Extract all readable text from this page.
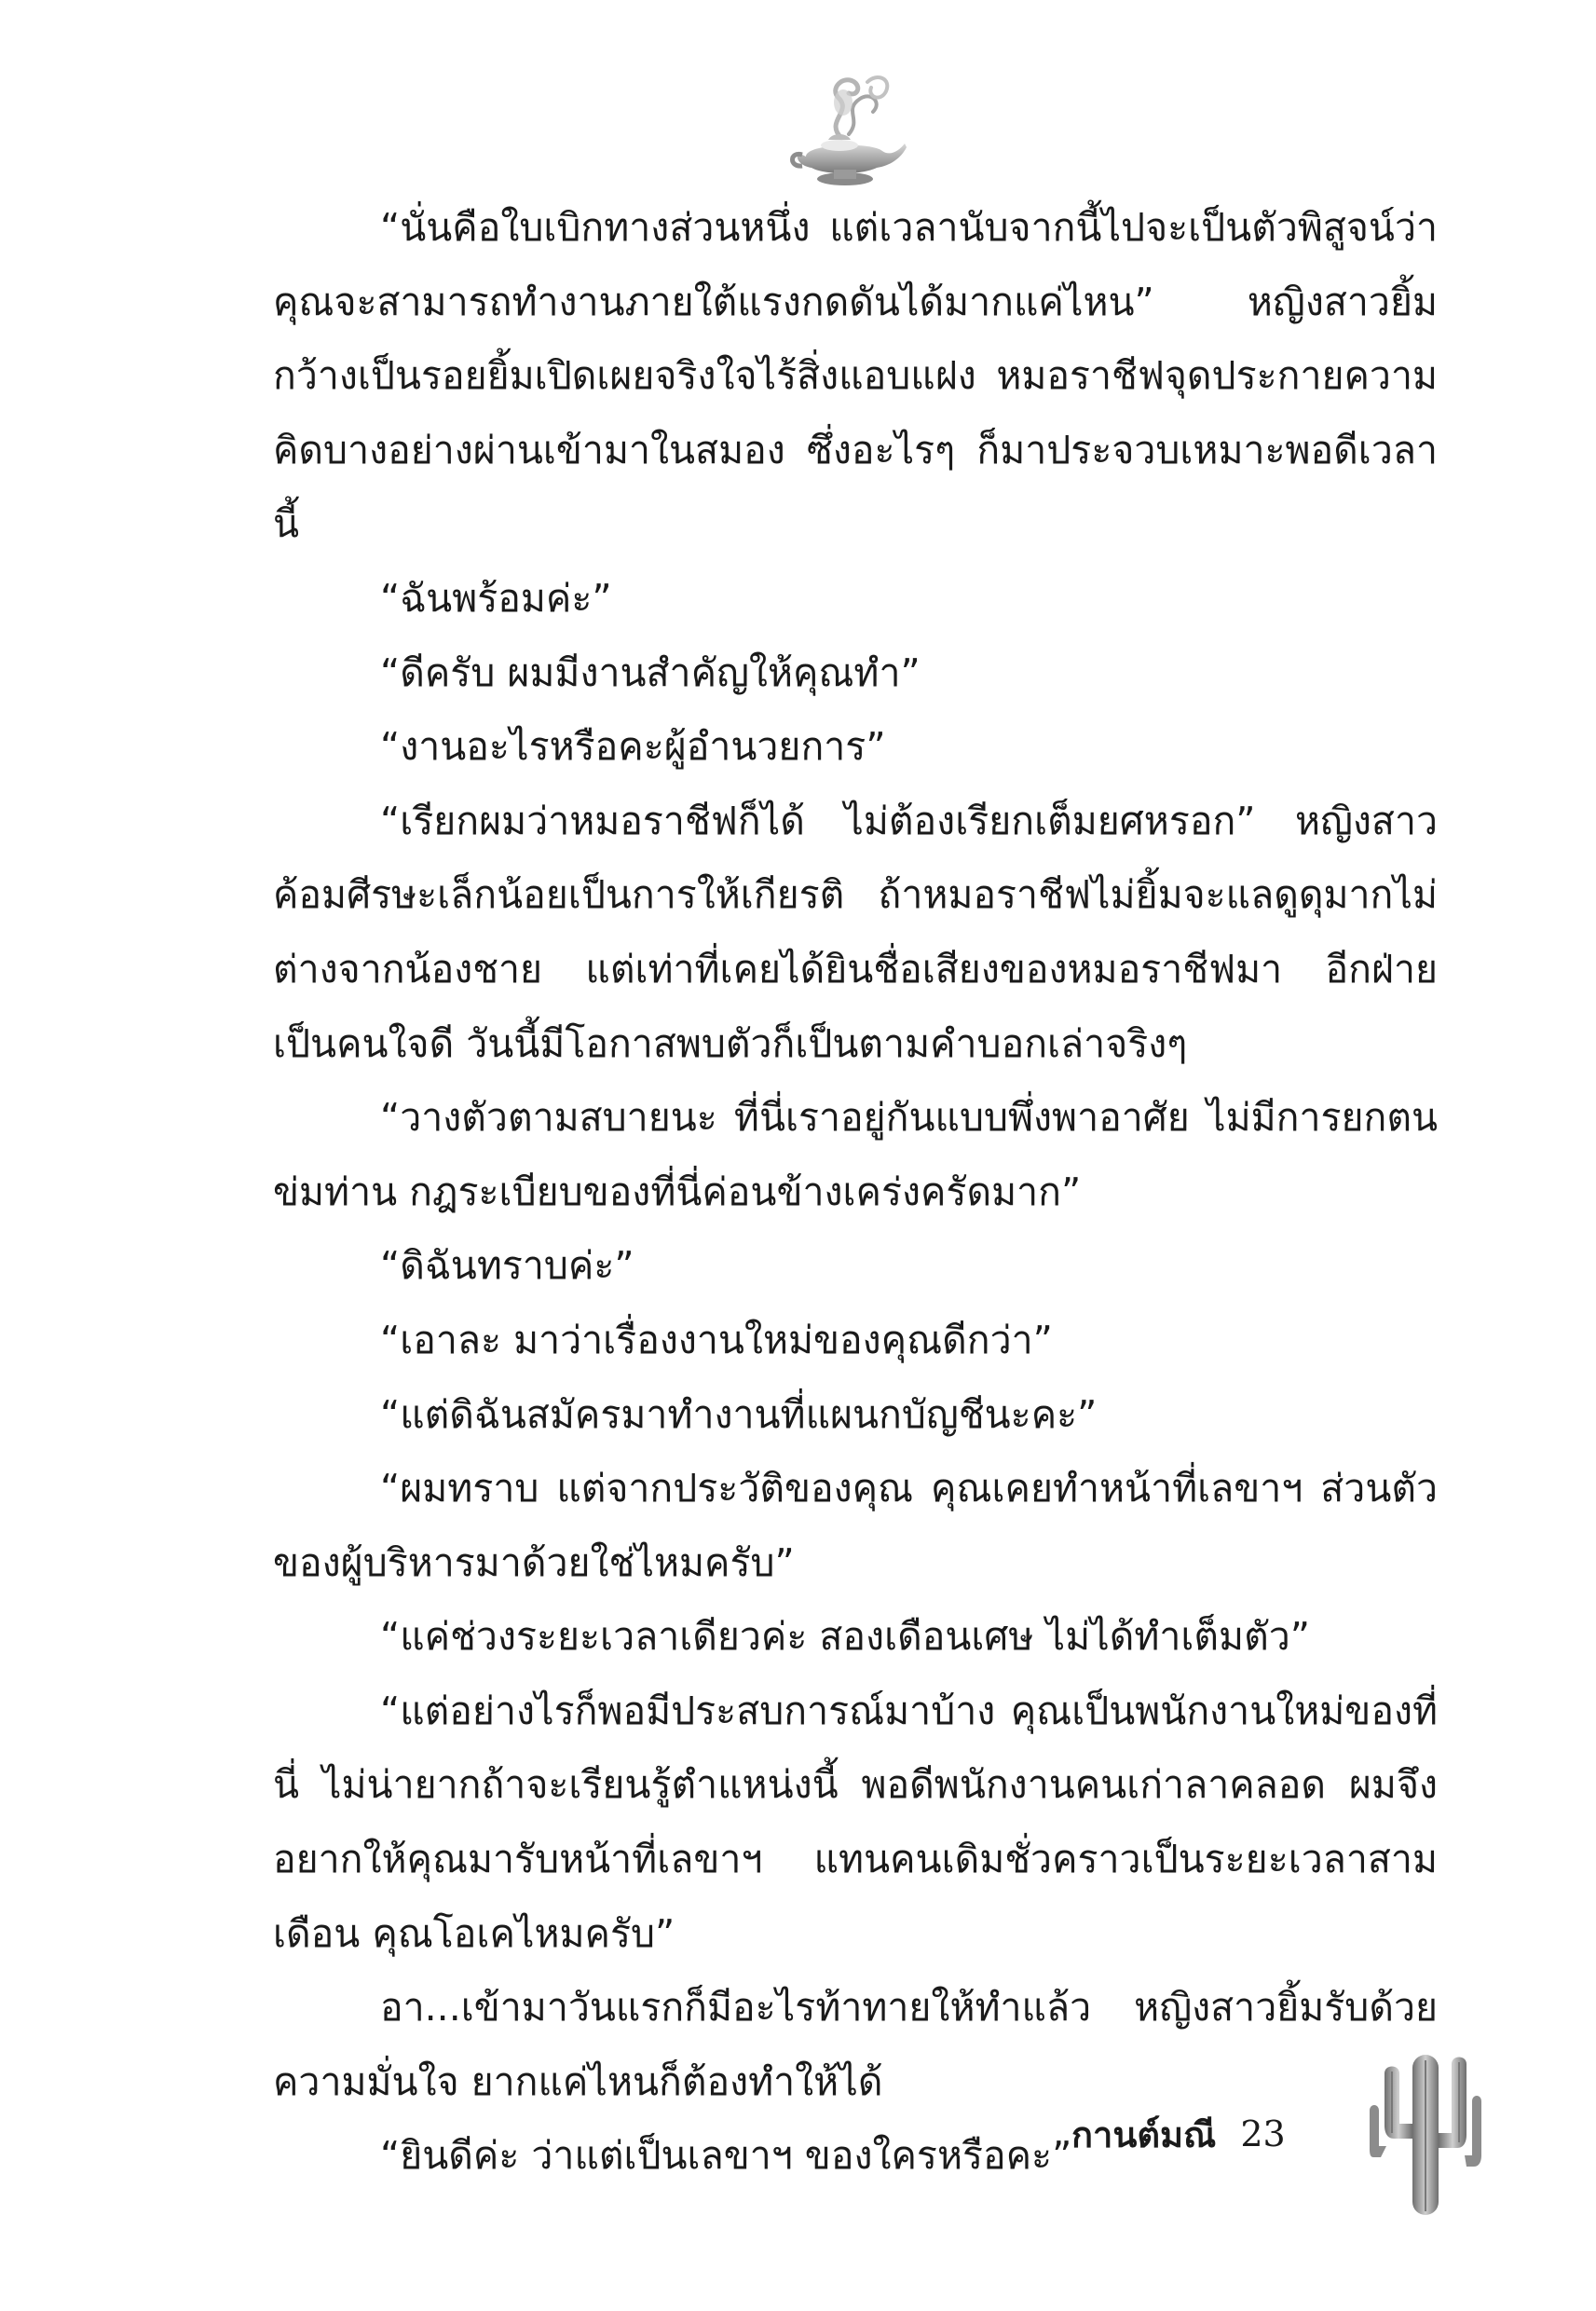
“นั่นคือใบเบิกทางส่วนหนึ่ง แต่เวลานับจากนี้ไปจะเป็นตัวพิสูจน์ว่าคุณจะสามารถทำงานภายใต้แรงกดดันได้มากแค่ไหน” หญิงสาวยิ้มกว้างเป็นรอยยิ้มเปิดเผยจริงใจไร้สิ่งแอบแฝง หมอราชีฟจุดประกายความคิดบางอย่างผ่านเข้ามาในสมอง ซึ่งอะไรๆ ก็มาประจวบเหมาะพอดีเวลานี้

“ฉันพร้อมค่ะ”

“ดีครับ ผมมีงานสำคัญให้คุณทำ”

“งานอะไรหรือคะผู้อำนวยการ”

“เรียกผมว่าหมอราชีฟก็ได้ ไม่ต้องเรียกเต็มยศหรอก” หญิงสาวค้อมศีรษะเล็กน้อยเป็นการให้เกียรติ ถ้าหมอราชีฟไม่ยิ้มจะแลดูดุมากไม่ต่างจากน้องชาย แต่เท่าที่เคยได้ยินชื่อเสียงของหมอราชีฟมา อีกฝ่ายเป็นคนใจดี วันนี้มีโอกาสพบตัวก็เป็นตามคำบอกเล่าจริงๆ

“วางตัวตามสบายนะ ที่นี่เราอยู่กันแบบพึ่งพาอาศัย ไม่มีการยกตนข่มท่าน กฎระเบียบของที่นี่ค่อนข้างเคร่งครัดมาก”

“ดิฉันทราบค่ะ”

“เอาละ มาว่าเรื่องงานใหม่ของคุณดีกว่า”

“แต่ดิฉันสมัครมาทำงานที่แผนกบัญชีนะคะ”

“ผมทราบ แต่จากประวัติของคุณ คุณเคยทำหน้าที่เลขาฯ ส่วนตัวของผู้บริหารมาด้วยใช่ไหมครับ”

“แค่ช่วงระยะเวลาเดียวค่ะ สองเดือนเศษ ไม่ได้ทำเต็มตัว”

“แต่อย่างไรก็พอมีประสบการณ์มาบ้าง คุณเป็นพนักงานใหม่ของที่นี่ ไม่น่ายากถ้าจะเรียนรู้ตำแหน่งนี้ พอดีพนักงานคนเก่าลาคลอด ผมจึงอยากให้คุณมารับหน้าที่เลขาฯ แทนคนเดิมชั่วคราวเป็นระยะเวลาสามเดือน คุณโอเคไหมครับ”

อา...เข้ามาวันแรกก็มีอะไรท้าทายให้ทำแล้ว หญิงสาวยิ้มรับด้วยความมั่นใจ ยากแค่ไหนก็ต้องทำให้ได้

“ยินดีค่ะ ว่าแต่เป็นเลขาฯ ของใครหรือคะ” กานต์มณี 23
